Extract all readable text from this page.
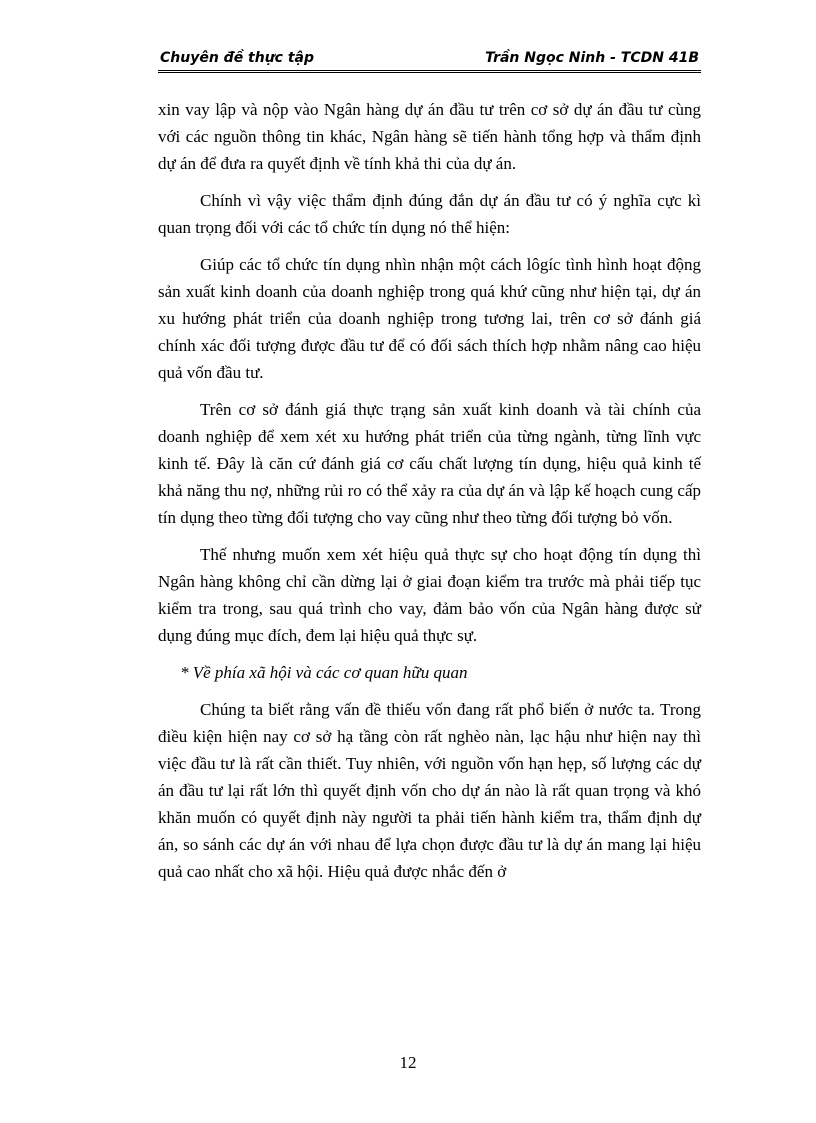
Chuyên đề thực tập	Trần Ngọc Ninh - TCDN 41B

xin vay lập và nộp vào Ngân hàng dự án đầu tư trên cơ sở dự án đầu tư cùng với các nguồn thông tin khác, Ngân hàng sẽ tiến hành tổng hợp và thẩm định dự án để đưa ra quyết định về tính khả thi của dự án.

Chính vì vậy việc thẩm định đúng đắn dự án đầu tư có ý nghĩa cực kì quan trọng đối với các tổ chức tín dụng nó thể hiện:

Giúp các tổ chức tín dụng nhìn nhận một cách lôgíc tình hình hoạt động sản xuất kinh doanh của doanh nghiệp trong quá khứ cũng như hiện tại, dự án xu hướng phát triển của doanh nghiệp trong tương lai, trên cơ sở đánh giá chính xác đối tượng được đầu tư để có đối sách thích hợp nhằm nâng cao hiệu quả vốn đầu tư.

Trên cơ sở đánh giá thực trạng sản xuất kinh doanh và tài chính của doanh nghiệp để xem xét xu hướng phát triển của từng ngành, từng lĩnh vực kinh tế. Đây là căn cứ đánh giá cơ cấu chất lượng tín dụng, hiệu quả kinh tế khả năng thu nợ, những rủi ro có thể xảy ra của dự án và lập kế hoạch cung cấp tín dụng theo từng đối tượng cho vay cũng như theo từng đối tượng bỏ vốn.

Thế nhưng muốn xem xét hiệu quả thực sự cho hoạt động tín dụng thì Ngân hàng không chỉ cần dừng lại ở giai đoạn kiểm tra trước mà phải tiếp tục kiểm tra trong, sau quá trình cho vay, đảm bảo vốn của Ngân hàng được sử dụng đúng mục đích, đem lại hiệu quả thực sự.

* Về phía xã hội và các cơ quan hữu quan

Chúng ta biết rằng vấn đề thiếu vốn đang rất phổ biến ở nước ta. Trong điều kiện hiện nay cơ sở hạ tầng còn rất nghèo nàn, lạc hậu như hiện nay thì việc đầu tư là rất cần thiết. Tuy nhiên, với nguồn vốn hạn hẹp, số lượng các dự án đầu tư lại rất lớn thì quyết định vốn cho dự án nào là rất quan trọng và khó khăn muốn có quyết định này người ta phải tiến hành kiểm tra, thẩm định dự án, so sánh các dự án với nhau để lựa chọn được đầu tư là dự án mang lại hiệu quả cao nhất cho xã hội. Hiệu quả được nhắc đến ở

12
